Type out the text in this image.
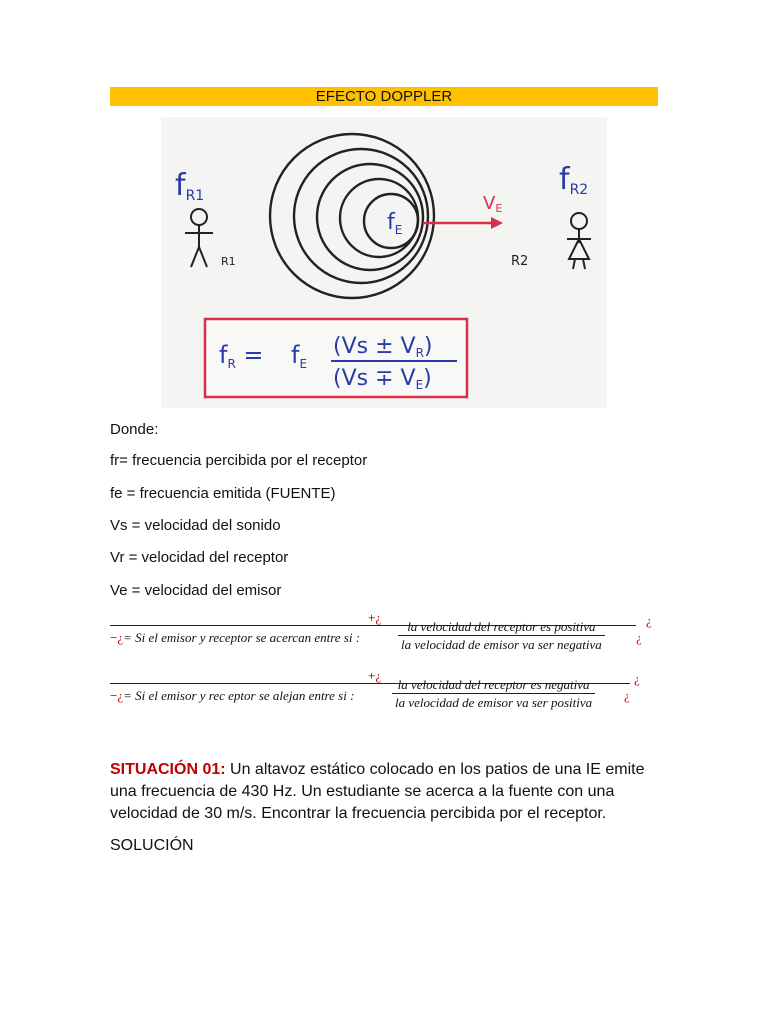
EFECTO DOPPLER
$f_E$
VE
fR1
R1
fR2
R2
$f_R = f_E$
(Vs ± VR)
(Vs ∓ VE)
Donde:
fr= frecuencia percibida por el receptor
fe = frecuencia emitida (FUENTE)
Vs = velocidad del sonido
Vr = velocidad del receptor
Ve = velocidad del emisor
+¿	¿
−¿= Si el emisor y receptor se acercan entre si :
la velocidad del receptor es positiva
la velocidad de emisor va ser negativa	¿
+¿	¿
−¿= Si el emisor y rec eptor se alejan entre si :
la velocidad del receptor es negativa
la velocidad de emisor va ser positiva ¿
SITUACIÓN 01: Un altavoz estático colocado en los patios de una IE emite una frecuencia de 430 Hz. Un estudiante se acerca a la fuente con una velocidad de 30 m/s. Encontrar la frecuencia percibida por el receptor.
SOLUCIÓN
